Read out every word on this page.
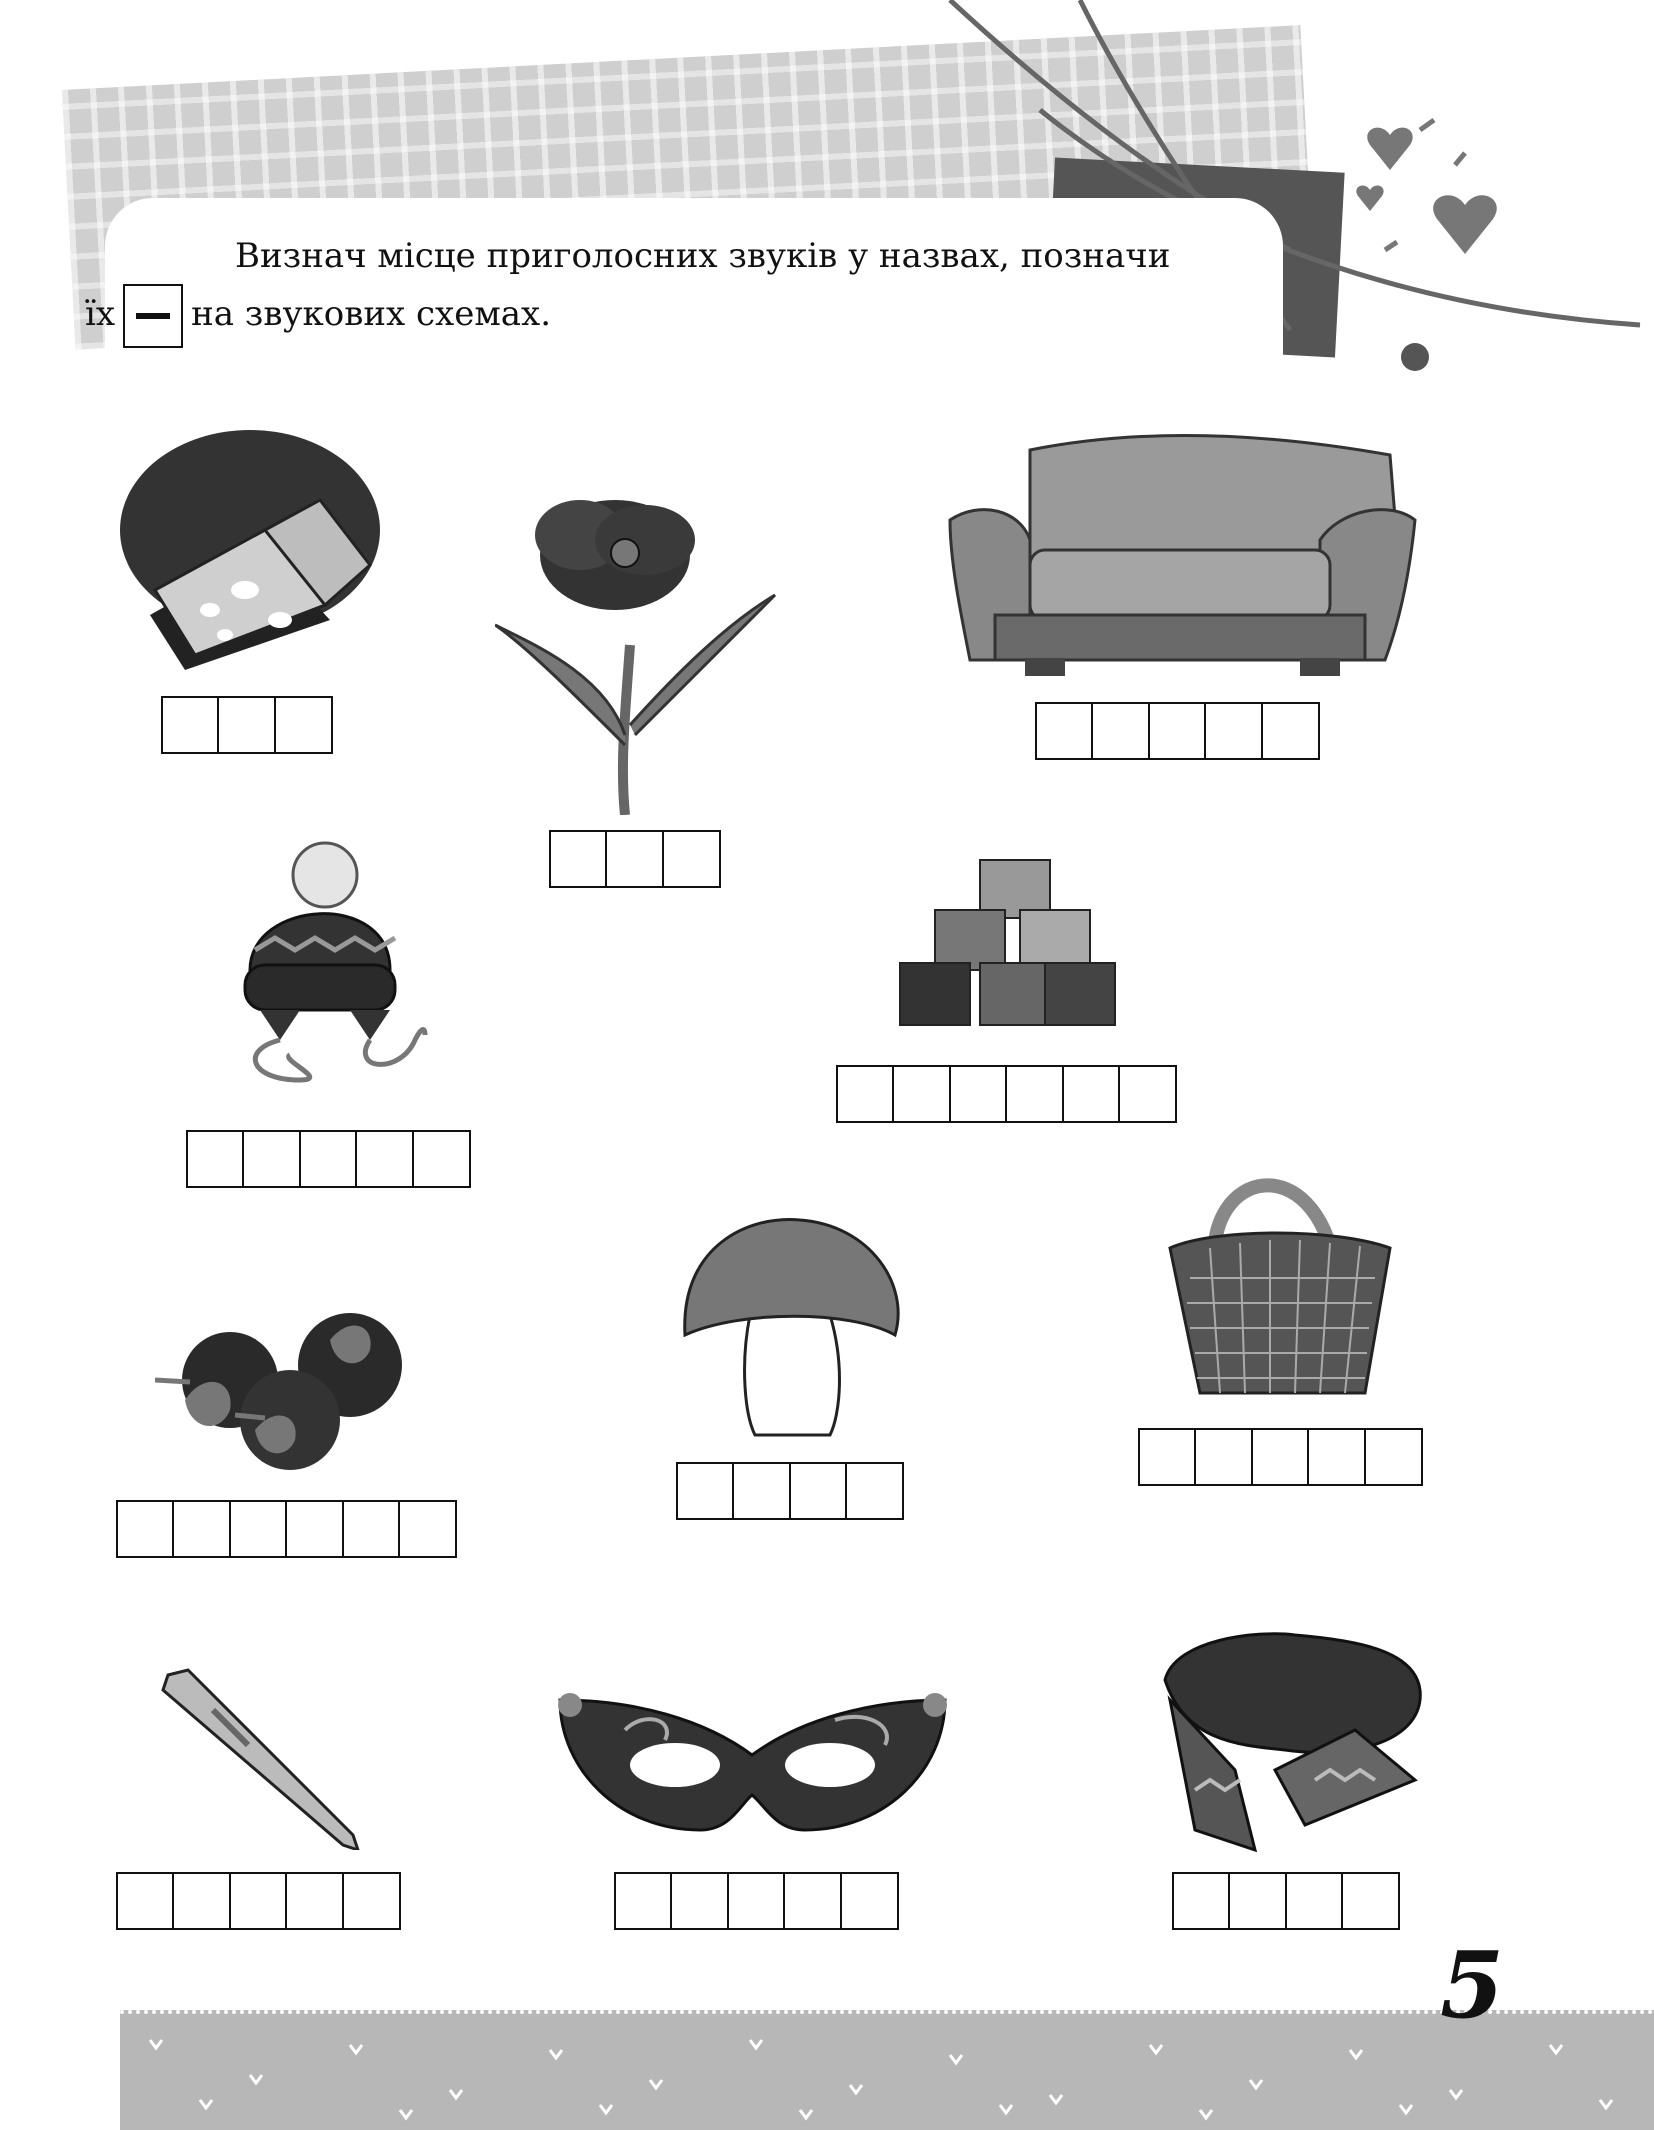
Визнач місце приголосних звуків у назвах, позначи
їх на звукових схемах.
5
